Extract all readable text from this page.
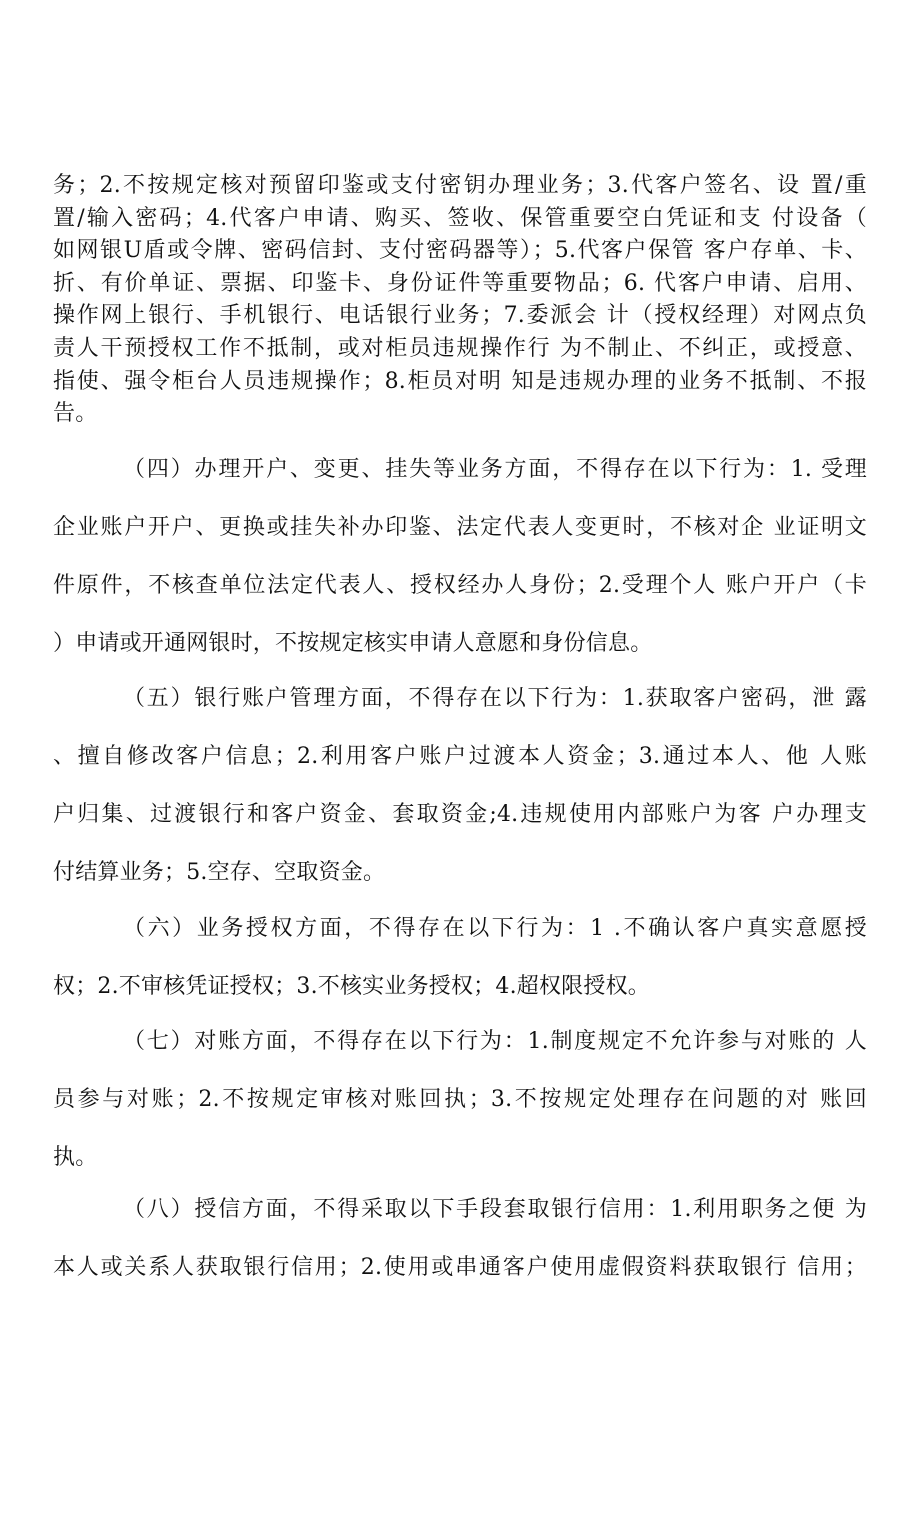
务；2.不按规定核对预留印鉴或支付密钥办理业务；3.代客户签名、设 置/重
置/输入密码；4.代客户申请、购买、签收、保管重要空白凭证和支 付设备（
如网银U盾或令牌、密码信封、支付密码器等）；5.代客户保管 客户存单、卡、
折、有价单证、票据、印鉴卡、身份证件等重要物品；6. 代客户申请、启用、
操作网上银行、手机银行、电话银行业务；7.委派会 计（授权经理）对网点负
责人干预授权工作不抵制，或对柜员违规操作行 为不制止、不纠正，或授意、
指使、强令柜台人员违规操作；8.柜员对明 知是违规办理的业务不抵制、不报
告。
（四）办理开户、变更、挂失等业务方面，不得存在以下行为：1. 受理
企业账户开户、更换或挂失补办印鉴、法定代表人变更时，不核对企 业证明文
件原件，不核查单位法定代表人、授权经办人身份；2.受理个人 账户开户（卡
）申请或开通网银时，不按规定核实申请人意愿和身份信息。
（五）银行账户管理方面，不得存在以下行为：1.获取客户密码，泄 露
、擅自修改客户信息；2.利用客户账户过渡本人资金；3.通过本人、他 人账
户归集、过渡银行和客户资金、套取资金;4.违规使用内部账户为客 户办理支
付结算业务；5.空存、空取资金。
（六）业务授权方面，不得存在以下行为：1 .不确认客户真实意愿授
权；2.不审核凭证授权；3.不核实业务授权；4.超权限授权。
（七）对账方面，不得存在以下行为：1.制度规定不允许参与对账的 人
员参与对账；2.不按规定审核对账回执；3.不按规定处理存在问题的对 账回
执。
（八）授信方面，不得采取以下手段套取银行信用：1.利用职务之便 为
本人或关系人获取银行信用；2.使用或串通客户使用虚假资料获取银行 信用；
